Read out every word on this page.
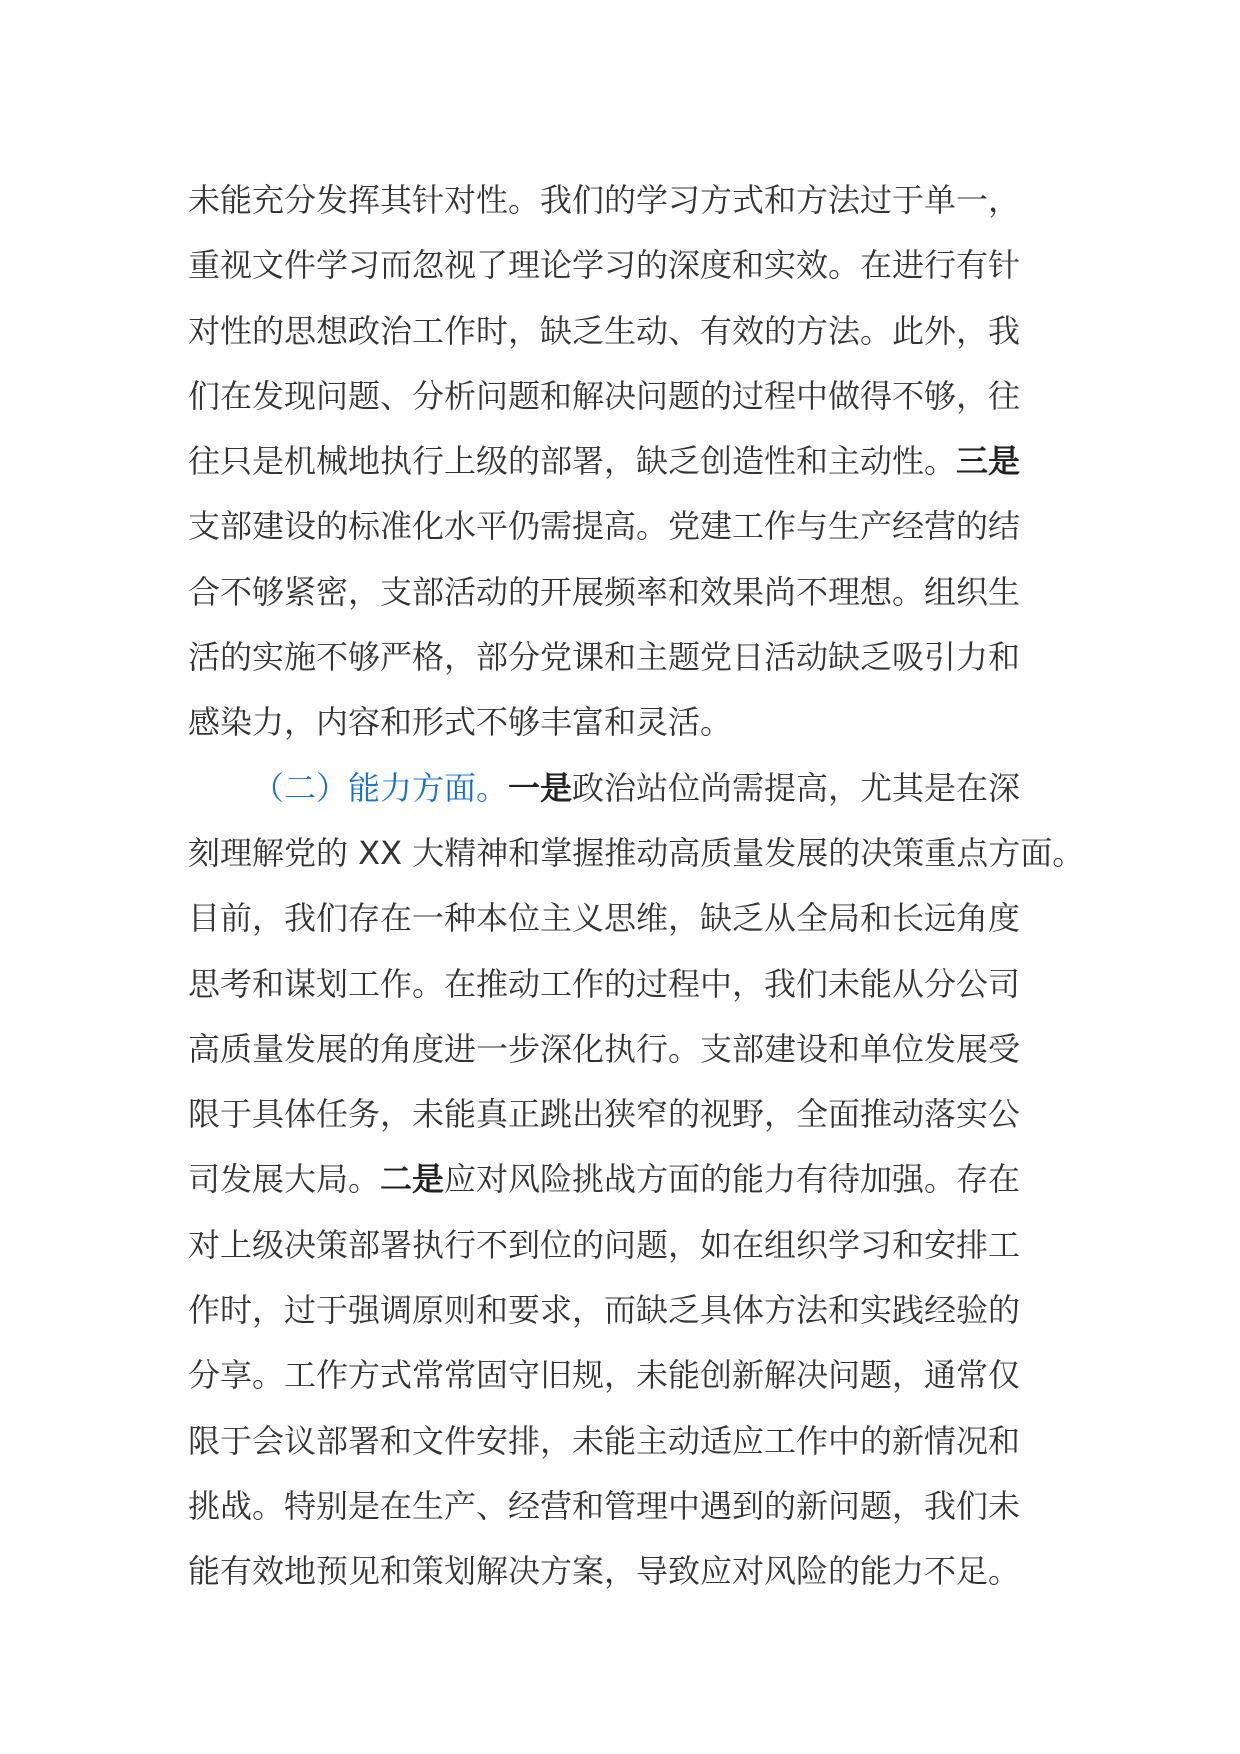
未能充分发挥其针对性。我们的学习方式和方法过于单一，
重视文件学习而忽视了理论学习的深度和实效。在进行有针
对性的思想政治工作时，缺乏生动、有效的方法。此外，我
们在发现问题、分析问题和解决问题的过程中做得不够，往
往只是机械地执行上级的部署，缺乏创造性和主动性。三是
支部建设的标准化水平仍需提高。党建工作与生产经营的结
合不够紧密，支部活动的开展频率和效果尚不理想。组织生
活的实施不够严格，部分党课和主题党日活动缺乏吸引力和
感染力，内容和形式不够丰富和灵活。
（二）能力方面。一是政治站位尚需提高，尤其是在深
刻理解党的 XX 大精神和掌握推动高质量发展的决策重点方面。
目前，我们存在一种本位主义思维，缺乏从全局和长远角度
思考和谋划工作。在推动工作的过程中，我们未能从分公司
高质量发展的角度进一步深化执行。支部建设和单位发展受
限于具体任务，未能真正跳出狭窄的视野，全面推动落实公
司发展大局。二是应对风险挑战方面的能力有待加强。存在
对上级决策部署执行不到位的问题，如在组织学习和安排工
作时，过于强调原则和要求，而缺乏具体方法和实践经验的
分享。工作方式常常固守旧规，未能创新解决问题，通常仅
限于会议部署和文件安排，未能主动适应工作中的新情况和
挑战。特别是在生产、经营和管理中遇到的新问题，我们未
能有效地预见和策划解决方案，导致应对风险的能力不足。
